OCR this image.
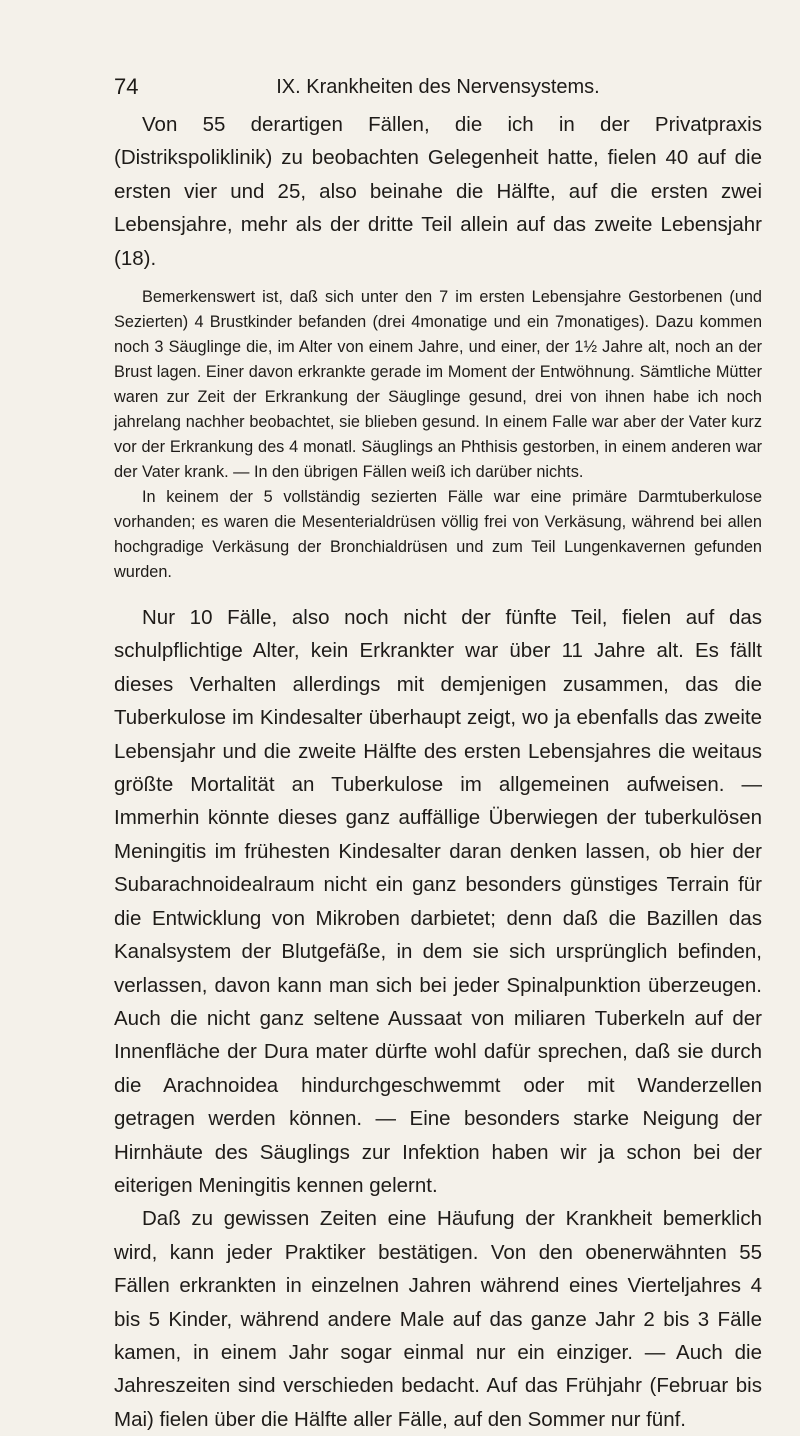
74	IX. Krankheiten des Nervensystems.
Von 55 derartigen Fällen, die ich in der Privatpraxis (Distrikspoliklinik) zu beobachten Gelegenheit hatte, fielen 40 auf die ersten vier und 25, also beinahe die Hälfte, auf die ersten zwei Lebensjahre, mehr als der dritte Teil allein auf das zweite Lebensjahr (18).
Bemerkenswert ist, daß sich unter den 7 im ersten Lebensjahre Gestorbenen (und Sezierten) 4 Brustkinder befanden (drei 4monatige und ein 7monatiges). Dazu kommen noch 3 Säuglinge die, im Alter von einem Jahre, und einer, der 1½ Jahre alt, noch an der Brust lagen. Einer davon erkrankte gerade im Moment der Entwöhnung. Sämtliche Mütter waren zur Zeit der Erkrankung der Säuglinge gesund, drei von ihnen habe ich noch jahrelang nachher beobachtet, sie blieben gesund. In einem Falle war aber der Vater kurz vor der Erkrankung des 4 monatl. Säuglings an Phthisis gestorben, in einem anderen war der Vater krank. — In den übrigen Fällen weiß ich darüber nichts.
In keinem der 5 vollständig sezierten Fälle war eine primäre Darmtuberkulose vorhanden; es waren die Mesenterialdrüsen völlig frei von Verkäsung, während bei allen hochgradige Verkäsung der Bronchialdrüsen und zum Teil Lungenkavernen gefunden wurden.
Nur 10 Fälle, also noch nicht der fünfte Teil, fielen auf das schulpflichtige Alter, kein Erkrankter war über 11 Jahre alt. Es fällt dieses Verhalten allerdings mit demjenigen zusammen, das die Tuberkulose im Kindesalter überhaupt zeigt, wo ja ebenfalls das zweite Lebensjahr und die zweite Hälfte des ersten Lebensjahres die weitaus größte Mortalität an Tuberkulose im allgemeinen aufweisen. — Immerhin könnte dieses ganz auffällige Überwiegen der tuberkulösen Meningitis im frühesten Kindesalter daran denken lassen, ob hier der Subarachnoidealraum nicht ein ganz besonders günstiges Terrain für die Entwicklung von Mikroben darbietet; denn daß die Bazillen das Kanalsystem der Blutgefäße, in dem sie sich ursprünglich befinden, verlassen, davon kann man sich bei jeder Spinalpunktion überzeugen. Auch die nicht ganz seltene Aussaat von miliaren Tuberkeln auf der Innenfläche der Dura mater dürfte wohl dafür sprechen, daß sie durch die Arachnoidea hindurchgeschwemmt oder mit Wanderzellen getragen werden können. — Eine besonders starke Neigung der Hirnhäute des Säuglings zur Infektion haben wir ja schon bei der eiterigen Meningitis kennen gelernt.
Daß zu gewissen Zeiten eine Häufung der Krankheit bemerklich wird, kann jeder Praktiker bestätigen. Von den obenerwähnten 55 Fällen erkrankten in einzelnen Jahren während eines Vierteljahres 4 bis 5 Kinder, während andere Male auf das ganze Jahr 2 bis 3 Fälle kamen, in einem Jahr sogar einmal nur ein einziger. — Auch die Jahreszeiten sind verschieden bedacht. Auf das Frühjahr (Februar bis Mai) fielen über die Hälfte aller Fälle, auf den Sommer nur fünf.
